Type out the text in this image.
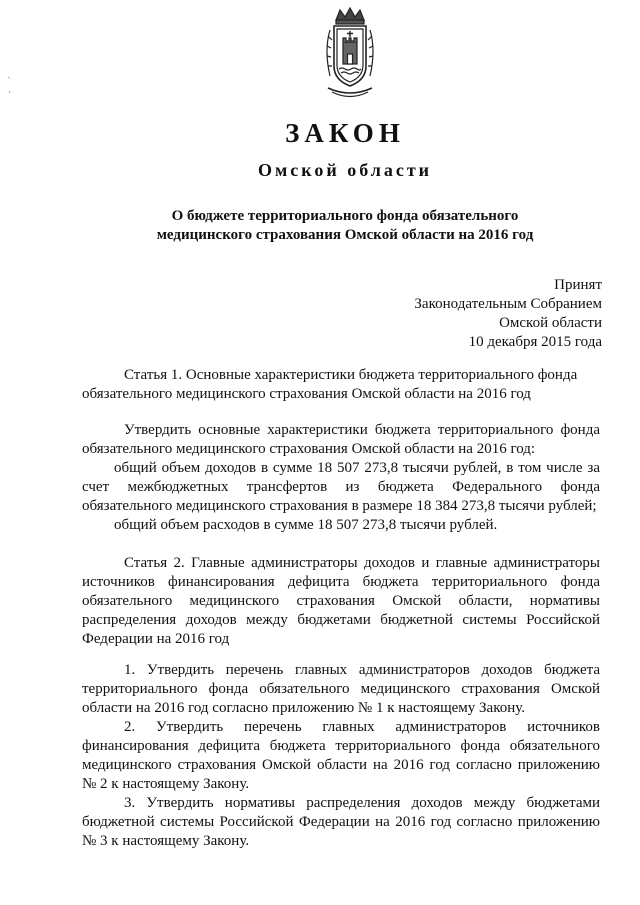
˛
¸
ЗАКОН
Омской области
О бюджете территориального фонда обязательного
медицинского страхования Омской области на 2016 год
Принят
Законодательным Собранием
Омской области
10 декабря 2015 года

Статья 1. Основные характеристики бюджета территориального фонда обязательного медицинского страхования Омской области на 2016 год

Утвердить основные характеристики бюджета территориального фонда обязательного медицинского страхования Омской области на 2016 год:

общий объем доходов в сумме 18 507 273,8 тысячи рублей, в том числе за счет межбюджетных трансфертов из бюджета Федерального фонда обязательного медицинского страхования в размере 18 384 273,8 тысячи рублей;

общий объем расходов в сумме 18 507 273,8 тысячи рублей.

Статья 2. Главные администраторы доходов и главные администраторы источников финансирования дефицита бюджета территориального фонда обязательного медицинского страхования Омской области, нормативы распределения доходов между бюджетами бюджетной системы Российской Федерации на 2016 год

1. Утвердить перечень главных администраторов доходов бюджета территориального фонда обязательного медицинского страхования Омской области на 2016 год согласно приложению № 1 к настоящему Закону.

2. Утвердить перечень главных администраторов источников финансирования дефицита бюджета территориального фонда обязательного медицинского страхования Омской области на 2016 год согласно приложению № 2 к настоящему Закону.

3. Утвердить нормативы распределения доходов между бюджетами бюджетной системы Российской Федерации на 2016 год согласно приложению № 3 к настоящему Закону.
